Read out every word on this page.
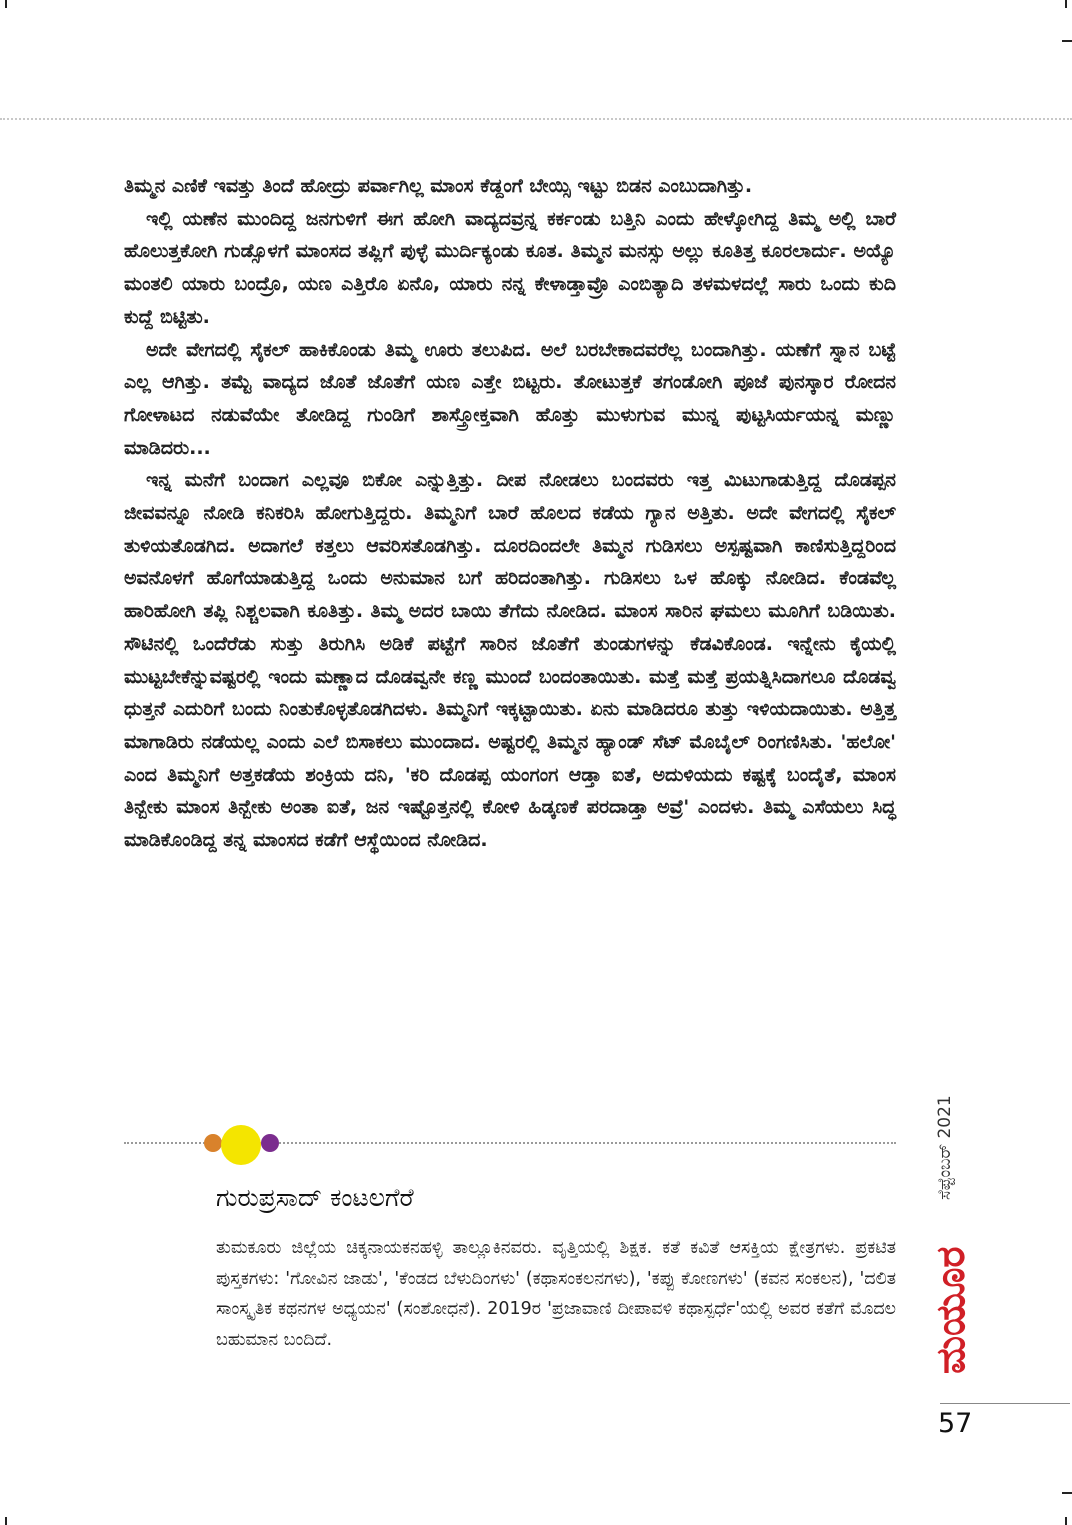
ತಿಮ್ಮನ ಎಣಿಕೆ ಇವತ್ತು ತಿಂದೆ ಹೋದ್ರು ಪರ್ವಾಗಿಲ್ಲ ಮಾಂಸ ಕೆಡ್ದಂಗೆ ಬೇಯ್ಸಿ ಇಟ್ಟು ಬಿಡನ ಎಂಬುದಾಗಿತ್ತು.

ಇಲ್ಲಿ ಯಣೆನ ಮುಂದಿದ್ದ ಜನಗುಳಿಗೆ ಈಗ ಹೋಗಿ ವಾದ್ಯದವ್ರನ್ನ ಕರ್ಕಂಡು ಬತ್ತಿನಿ ಎಂದು ಹೇಳ್ಕೋಗಿದ್ದ ತಿಮ್ಮ ಅಲ್ಲಿ ಬಾರೆ ಹೊಲುತ್ತಕೋಗಿ ಗುಡ್ಸೊಳಗೆ ಮಾಂಸದ ತಪ್ಲಿಗೆ ಪುಳ್ಳೆ ಮುರ್ದಿಕ್ಯಂಡು ಕೂತ. ತಿಮ್ಮನ ಮನಸ್ಸು ಅಲ್ಲು ಕೂತಿತ್ತ ಕೂರಲಾರ್ದು. ಅಯ್ಯೊ ಮಂತಲಿ ಯಾರು ಬಂದ್ರೊ, ಯಣ ಎತ್ತಿರೊ ಏನೊ, ಯಾರು ನನ್ನ ಕೇಳಾಡ್ತಾವ್ರೊ ಎಂಬಿತ್ಯಾದಿ ತಳಮಳದಲ್ಲೆ ಸಾರು ಒಂದು ಕುದಿ ಕುದ್ದೆ ಬಿಟ್ಟಿತು.

ಅದೇ ವೇಗದಲ್ಲಿ ಸೈಕಲ್ ಹಾಕಿಕೊಂಡು ತಿಮ್ಮ ಊರು ತಲುಪಿದ. ಅಲೆ ಬರಬೇಕಾದವರೆಲ್ಲ ಬಂದಾಗಿತ್ತು. ಯಣೆಗೆ ಸ್ನಾನ ಬಟ್ಟೆ ಎಲ್ಲ ಆಗಿತ್ತು. ತಮ್ಟೆ ವಾದ್ಯದ ಜೊತೆ ಜೊತೆಗೆ ಯಣ ಎತ್ತೇ ಬಿಟ್ಟರು. ತೋಟುತ್ತಕೆ ತಗಂಡೋಗಿ ಪೂಜೆ ಪುನಸ್ಕಾರ ರೋದನ ಗೋಳಾಟದ ನಡುವೆಯೇ ತೋಡಿದ್ದ ಗುಂಡಿಗೆ ಶಾಸ್ತ್ರೋಕ್ತವಾಗಿ ಹೊತ್ತು ಮುಳುಗುವ ಮುನ್ನ ಪುಟ್ಟಸಿರ್ಯಯನ್ನ ಮಣ್ಣು ಮಾಡಿದರು...

ಇನ್ನ ಮನೆಗೆ ಬಂದಾಗ ಎಲ್ಲವೂ ಬಿಕೋ ಎನ್ನುತ್ತಿತ್ತು. ದೀಪ ನೋಡಲು ಬಂದವರು ಇತ್ತ ಮಿಟುಗಾಡುತ್ತಿದ್ದ ದೊಡಪ್ಪನ ಜೀವವನ್ನೂ ನೋಡಿ ಕನಿಕರಿಸಿ ಹೋಗುತ್ತಿದ್ದರು. ತಿಮ್ಮನಿಗೆ ಬಾರೆ ಹೊಲದ ಕಡೆಯ ಗ್ಯಾನ ಅತ್ತಿತು. ಅದೇ ವೇಗದಲ್ಲಿ ಸೈಕಲ್ ತುಳಿಯತೊಡಗಿದ. ಅದಾಗಲೆ ಕತ್ತಲು ಆವರಿಸತೊಡಗಿತ್ತು. ದೂರದಿಂದಲೇ ತಿಮ್ಮನ ಗುಡಿಸಲು ಅಸ್ಪಷ್ಟವಾಗಿ ಕಾಣಿಸುತ್ತಿದ್ದರಿಂದ ಅವನೊಳಗೆ ಹೊಗೆಯಾಡುತ್ತಿದ್ದ ಒಂದು ಅನುಮಾನ ಬಗೆ ಹರಿದಂತಾಗಿತ್ತು. ಗುಡಿಸಲು ಒಳ ಹೊಕ್ಕು ನೋಡಿದ. ಕೆಂಡವೆಲ್ಲ ಹಾರಿಹೋಗಿ ತಪ್ಲಿ ನಿಶ್ಚಲವಾಗಿ ಕೂತಿತ್ತು. ತಿಮ್ಮ ಅದರ ಬಾಯಿ ತೆಗೆದು ನೋಡಿದ. ಮಾಂಸ ಸಾರಿನ ಘಮಲು ಮೂಗಿಗೆ ಬಡಿಯಿತು. ಸೌಟಿನಲ್ಲಿ ಒಂದೆರೆಡು ಸುತ್ತು ತಿರುಗಿಸಿ ಅಡಿಕೆ ಪಟ್ಟೆಗೆ ಸಾರಿನ ಜೊತೆಗೆ ತುಂಡುಗಳನ್ನು ಕೆಡವಿಕೊಂಡ. ಇನ್ನೇನು ಕೈಯಲ್ಲಿ ಮುಟ್ಟಬೇಕೆನ್ನುವಷ್ಟರಲ್ಲಿ ಇಂದು ಮಣ್ಣಾದ ದೊಡವ್ವನೇ ಕಣ್ಣ ಮುಂದೆ ಬಂದಂತಾಯಿತು. ಮತ್ತೆ ಮತ್ತೆ ಪ್ರಯತ್ನಿಸಿದಾಗಲೂ ದೊಡವ್ವ ಧುತ್ತನೆ ಎದುರಿಗೆ ಬಂದು ನಿಂತುಕೊಳ್ಳತೊಡಗಿದಳು. ತಿಮ್ಮನಿಗೆ ಇಕ್ಕಟ್ಟಾಯಿತು. ಏನು ಮಾಡಿದರೂ ತುತ್ತು ಇಳಿಯದಾಯಿತು. ಅತ್ತಿತ್ತ ಮಾಗಾಡಿರು ನಡೆಯಲ್ಲ ಎಂದು ಎಲೆ ಬಿಸಾಕಲು ಮುಂದಾದ. ಅಷ್ಟರಲ್ಲಿ ತಿಮ್ಮನ ಹ್ಯಾಂಡ್ ಸೆಟ್ ಮೊಬೈಲ್ ರಿಂಗಣಿಸಿತು. 'ಹಲೋ' ಎಂದ ತಿಮ್ಮನಿಗೆ ಅತ್ತಕಡೆಯ ಶಂಕ್ರಿಯ ದನಿ, 'ಕರಿ ದೊಡಪ್ಪ ಯಂಗಂಗ ಆಡ್ತಾ ಐತೆ, ಅದುಳಿಯದು ಕಷ್ಟಕ್ಕೆ ಬಂದೈತೆ, ಮಾಂಸ ತಿನ್ಬೇಕು ಮಾಂಸ ತಿನ್ಬೇಕು ಅಂತಾ ಐತೆ, ಜನ ಇಷ್ಟೊತ್ತನಲ್ಲಿ ಕೋಳಿ ಹಿಡ್ಕಣಕೆ ಪರದಾಡ್ತಾ ಅವ್ರೆ' ಎಂದಳು. ತಿಮ್ಮ ಎಸೆಯಲು ಸಿದ್ಧ ಮಾಡಿಕೊಂಡಿದ್ದ ತನ್ನ ಮಾಂಸದ ಕಡೆಗೆ ಆಸ್ಥೆಯಿಂದ ನೋಡಿದ.

ಗುರುಪ್ರಸಾದ್ ಕಂಟಲಗೆರೆ
ತುಮಕೂರು ಜಿಲ್ಲೆಯ ಚಿಕ್ಕನಾಯಕನಹಳ್ಳಿ ತಾಲ್ಲೂಕಿನವರು. ವೃತ್ತಿಯಲ್ಲಿ ಶಿಕ್ಷಕ. ಕತೆ ಕವಿತೆ ಆಸಕ್ತಿಯ ಕ್ಷೇತ್ರಗಳು. ಪ್ರಕಟಿತ ಪುಸ್ತಕಗಳು: 'ಗೋವಿನ ಜಾಡು', 'ಕೆಂಡದ ಬೆಳುದಿಂಗಳು' (ಕಥಾಸಂಕಲನಗಳು), 'ಕಪ್ಪು ಕೋಣಗಳು' (ಕವನ ಸಂಕಲನ), 'ದಲಿತ ಸಾಂಸ್ಕೃತಿಕ ಕಥನಗಳ ಅಧ್ಯಯನ' (ಸಂಶೋಧನೆ). 2019ರ 'ಪ್ರಜಾವಾಣಿ ದೀಪಾವಳಿ ಕಥಾಸ್ಪರ್ಧೆ'ಯಲ್ಲಿ ಅವರ ಕತೆಗೆ ಮೊದಲ ಬಹುಮಾನ ಬಂದಿದೆ.
ಸೆಪ್ಟೆಂಬರ್ 2021
ಮಯೂರ
57
